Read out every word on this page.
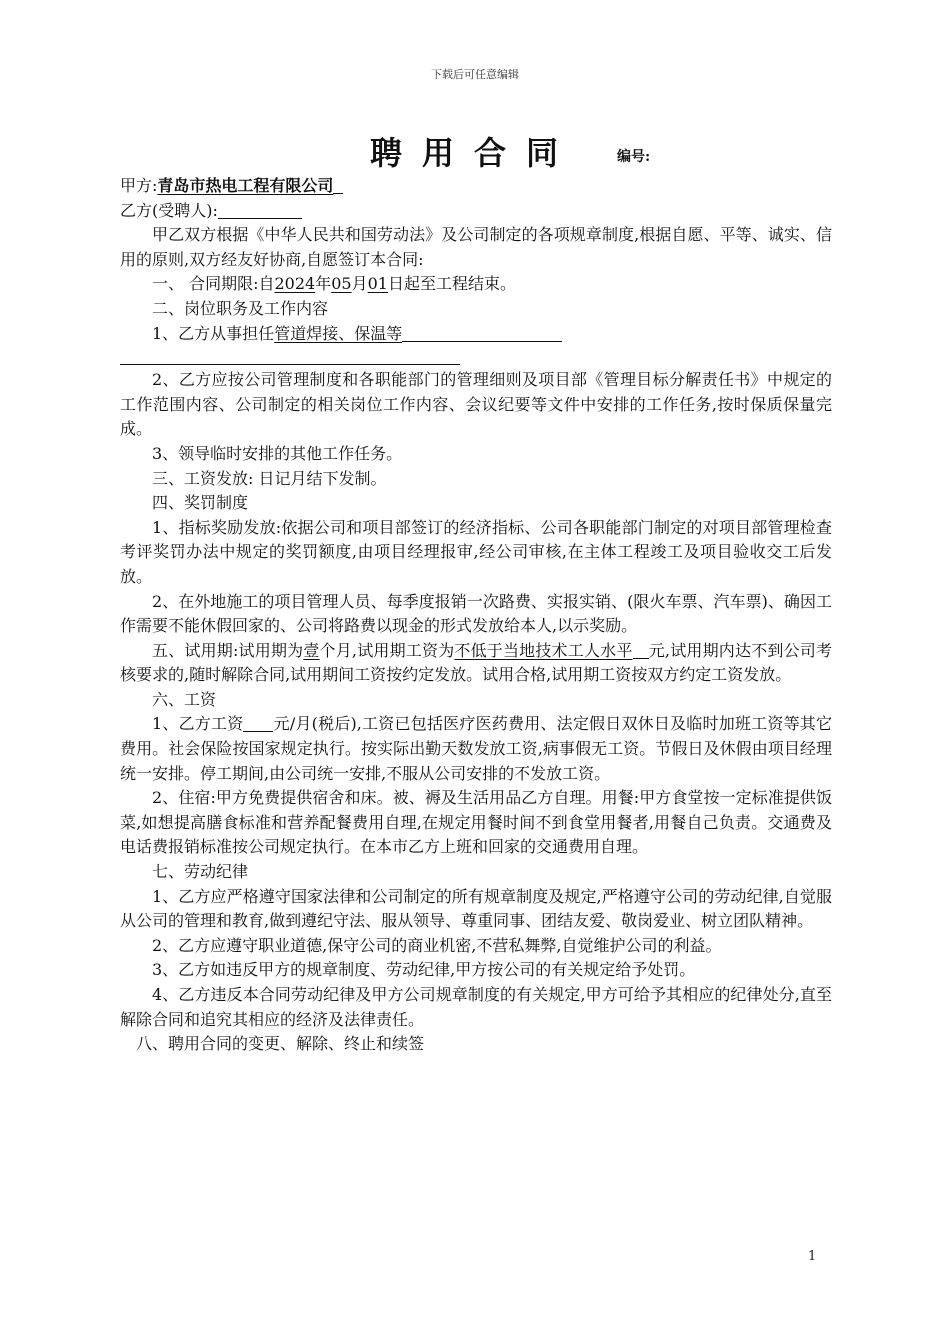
下载后可任意编辑
聘用合同	编号:
甲方:青岛市热电工程有限公司
乙方(受聘人):
甲乙双方根据《中华人民共和国劳动法》及公司制定的各项规章制度,根据自愿、平等、诚实、信用的原则,双方经友好协商,自愿签订本合同:
一、 合同期限:自2024年05月01日起至工程结束。
二、岗位职务及工作内容
1、乙方从事担任管道焊接、保温等
2、乙方应按公司管理制度和各职能部门的管理细则及项目部《管理目标分解责任书》中规定的工作范围内容、公司制定的相关岗位工作内容、会议纪要等文件中安排的工作任务,按时保质保量完成。
3、领导临时安排的其他工作任务。
三、工资发放: 日记月结下发制。
四、奖罚制度
1、指标奖励发放:依据公司和项目部签订的经济指标、公司各职能部门制定的对项目部管理检查考评奖罚办法中规定的奖罚额度,由项目经理报审,经公司审核,在主体工程竣工及项目验收交工后发放。
2、在外地施工的项目管理人员、每季度报销一次路费、实报实销、(限火车票、汽车票)、确因工作需要不能休假回家的、公司将路费以现金的形式发放给本人,以示奖励。
五、试用期:试用期为壹个月,试用期工资为不低于当地技术工人水平 元,试用期内达不到公司考核要求的,随时解除合同,试用期间工资按约定发放。试用合格,试用期工资按双方约定工资发放。
六、工资
1、乙方工资 元/月(税后),工资已包括医疗医药费用、法定假日双休日及临时加班工资等其它费用。社会保险按国家规定执行。按实际出勤天数发放工资,病事假无工资。节假日及休假由项目经理统一安排。停工期间,由公司统一安排,不服从公司安排的不发放工资。
2、住宿:甲方免费提供宿舍和床。被、褥及生活用品乙方自理。用餐:甲方食堂按一定标准提供饭菜,如想提高膳食标准和营养配餐费用自理,在规定用餐时间不到食堂用餐者,用餐自己负责。交通费及电话费报销标准按公司规定执行。在本市乙方上班和回家的交通费用自理。
七、劳动纪律
1、乙方应严格遵守国家法律和公司制定的所有规章制度及规定,严格遵守公司的劳动纪律,自觉服从公司的管理和教育,做到遵纪守法、服从领导、尊重同事、团结友爱、敬岗爱业、树立团队精神。
2、乙方应遵守职业道德,保守公司的商业机密,不营私舞弊,自觉维护公司的利益。
3、乙方如违反甲方的规章制度、劳动纪律,甲方按公司的有关规定给予处罚。
4、乙方违反本合同劳动纪律及甲方公司规章制度的有关规定,甲方可给予其相应的纪律处分,直至解除合同和追究其相应的经济及法律责任。
八、聘用合同的变更、解除、终止和续签
1
